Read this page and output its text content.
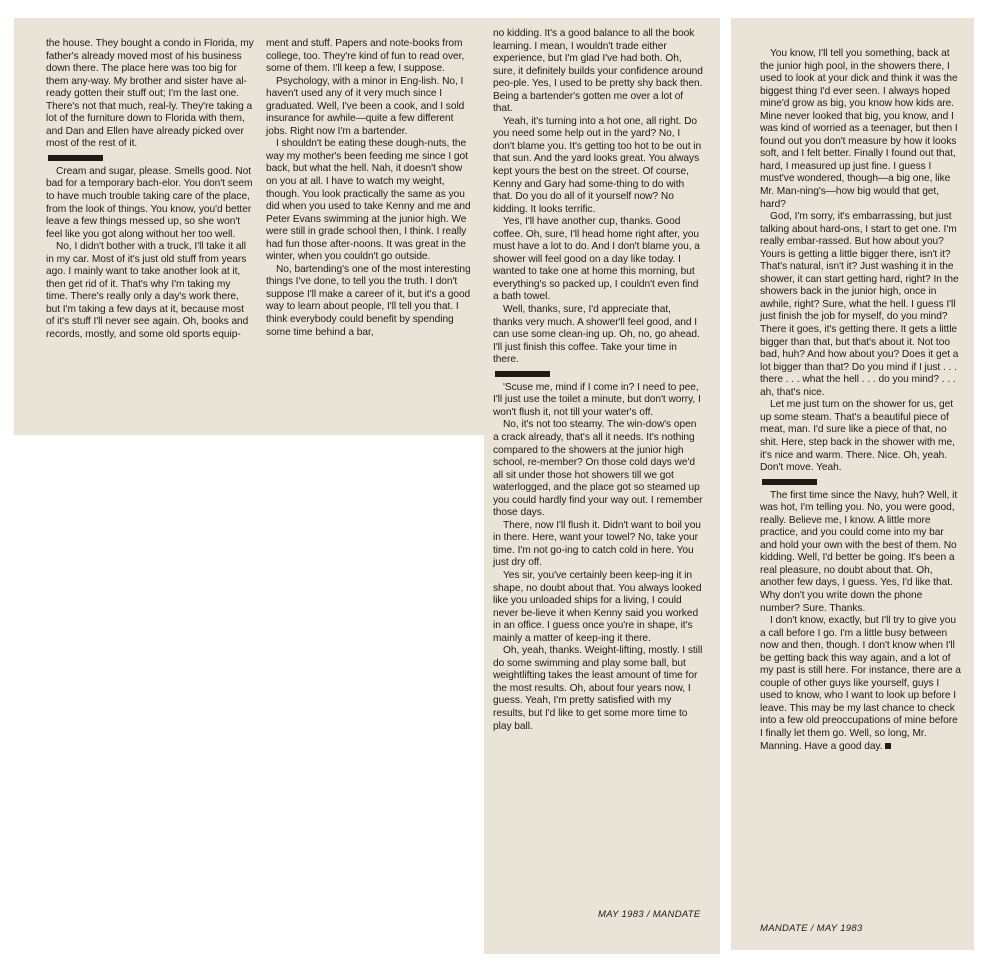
the house. They bought a condo in Florida, my father's already moved most of his business down there. The place here was too big for them any-way. My brother and sister have al-ready gotten their stuff out; I'm the last one. There's not that much, real-ly. They're taking a lot of the furniture down to Florida with them, and Dan and Ellen have already picked over most of the rest of it.

Cream and sugar, please. Smells good. Not bad for a temporary bach-elor. You don't seem to have much trouble taking care of the place, from the look of things. You know, you'd better leave a few things messed up, so she won't feel like you got along without her too well.

No, I didn't bother with a truck, I'll take it all in my car. Most of it's just old stuff from years ago. I mainly want to take another look at it, then get rid of it. That's why I'm taking my time. There's really only a day's work there, but I'm taking a few days at it, because most of it's stuff I'll never see again. Oh, books and records, mostly, and some old sports equip-

ment and stuff. Papers and note-books from college, too. They're kind of fun to read over, some of them. I'll keep a few, I suppose.

Psychology, with a minor in Eng-lish. No, I haven't used any of it very much since I graduated. Well, I've been a cook, and I sold insurance for awhile—quite a few different jobs. Right now I'm a bartender.

I shouldn't be eating these dough-nuts, the way my mother's been feeding me since I got back, but what the hell. Nah, it doesn't show on you at all. I have to watch my weight, though. You look practically the same as you did when you used to take Kenny and me and Peter Evans swimming at the junior high. We were still in grade school then, I think. I really had fun those after-noons. It was great in the winter, when you couldn't go outside.

No, bartending's one of the most interesting things I've done, to tell you the truth. I don't suppose I'll make a career of it, but it's a good way to learn about people, I'll tell you that. I think everybody could benefit by spending some time behind a bar,

no kidding. It's a good balance to all the book learning. I mean, I wouldn't trade either experience, but I'm glad I've had both. Oh, sure, it definitely builds your confidence around peo-ple. Yes, I used to be pretty shy back then. Being a bartender's gotten me over a lot of that.

Yeah, it's turning into a hot one, all right. Do you need some help out in the yard? No, I don't blame you. It's getting too hot to be out in that sun. And the yard looks great. You always kept yours the best on the street. Of course, Kenny and Gary had some-thing to do with that. Do you do all of it yourself now? No kidding. It looks terrific.

Yes, I'll have another cup, thanks. Good coffee. Oh, sure, I'll head home right after, you must have a lot to do. And I don't blame you, a shower will feel good on a day like today. I wanted to take one at home this morning, but everything's so packed up, I couldn't even find a bath towel.

Well, thanks, sure, I'd appreciate that, thanks very much. A shower'll feel good, and I can use some clean-ing up. Oh, no, go ahead. I'll just finish this coffee. Take your time in there.

'Scuse me, mind if I come in? I need to pee, I'll just use the toilet a minute, but don't worry, I won't flush it, not till your water's off.

No, it's not too steamy. The win-dow's open a crack already, that's all it needs. It's nothing compared to the showers at the junior high school, re-member? On those cold days we'd all sit under those hot showers till we got waterlogged, and the place got so steamed up you could hardly find your way out. I remember those days.

There, now I'll flush it. Didn't want to boil you in there. Here, want your towel? No, take your time. I'm not go-ing to catch cold in here. You just dry off.

Yes sir, you've certainly been keep-ing it in shape, no doubt about that. You always looked like you unloaded ships for a living, I could never be-lieve it when Kenny said you worked in an office. I guess once you're in shape, it's mainly a matter of keep-ing it there.

Oh, yeah, thanks. Weight-lifting, mostly. I still do some swimming and play some ball, but weightlifting takes the least amount of time for the most results. Oh, about four years now, I guess. Yeah, I'm pretty satisfied with my results, but I'd like to get some more time to play ball.

You know, I'll tell you something, back at the junior high pool, in the showers there, I used to look at your dick and think it was the biggest thing I'd ever seen. I always hoped mine'd grow as big, you know how kids are. Mine never looked that big, you know, and I was kind of worried as a teenager, but then I found out you don't measure by how it looks soft, and I felt better. Finally I found out that, hard, I measured up just fine. I guess I must've wondered, though—a big one, like Mr. Man-ning's—how big would that get, hard?

God, I'm sorry, it's embarrassing, but just talking about hard-ons, I start to get one. I'm really embar-rassed. But how about you? Yours is getting a little bigger there, isn't it? That's natural, isn't it? Just washing it in the shower, it can start getting hard, right? In the showers back in the junior high, once in awhile, right? Sure, what the hell. I guess I'll just finish the job for myself, do you mind? There it goes, it's getting there. It gets a little bigger than that, but that's about it. Not too bad, huh? And how about you? Does it get a lot bigger than that? Do you mind if I just . . . there . . . what the hell . . . do you mind? . . . ah, that's nice.

Let me just turn on the shower for us, get up some steam. That's a beautiful piece of meat, man. I'd sure like a piece of that, no shit. Here, step back in the shower with me, it's nice and warm. There. Nice. Oh, yeah. Don't move. Yeah.

The first time since the Navy, huh? Well, it was hot, I'm telling you. No, you were good, really. Believe me, I know. A little more practice, and you could come into my bar and hold your own with the best of them. No kidding. Well, I'd better be going. It's been a real pleasure, no doubt about that. Oh, another few days, I guess. Yes, I'd like that. Why don't you write down the phone number? Sure. Thanks.

I don't know, exactly, but I'll try to give you a call before I go. I'm a little busy between now and then, though. I don't know when I'll be getting back this way again, and a lot of my past is still here. For instance, there are a couple of other guys like yourself, guys I used to know, who I want to look up before I leave. This may be my last chance to check into a few old preoccupations of mine before I finally let them go. Well, so long, Mr. Manning. Have a good day.

MAY 1983 / MANDATE
MANDATE / MAY 1983
